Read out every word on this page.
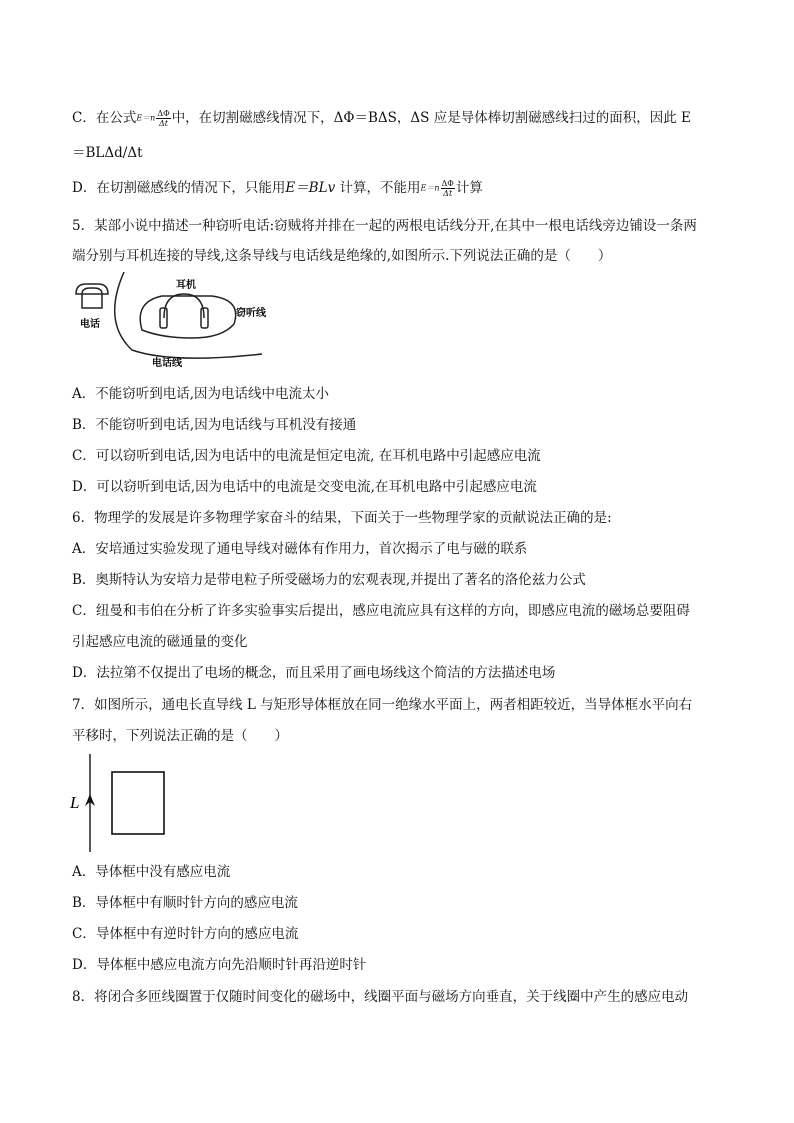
C．在公式$E=n \frac{\Delta\Phi}{\Delta t}$ 中，在切割磁感线情况下，ΔΦ＝BΔS，ΔS 应是导体棒切割磁感线扫过的面积，因此 E
＝BLΔd/Δt
D．在切割磁感线的情况下，只能用E＝BLv 计算，不能用$E=n \frac{\Delta\Phi}{\Delta t}$ 计算
5．某部小说中描述一种窃听电话:窃贼将并排在一起的两根电话线分开,在其中一根电话线旁边铺设一条两
端分别与耳机连接的导线,这条导线与电话线是绝缘的,如图所示.下列说法正确的是（　　）
电话
耳机
窃听线
电话线
A．不能窃听到电话,因为电话线中电流太小
B．不能窃听到电话,因为电话线与耳机没有接通
C．可以窃听到电话,因为电话中的电流是恒定电流, 在耳机电路中引起感应电流
D．可以窃听到电话,因为电话中的电流是交变电流,在耳机电路中引起感应电流
6．物理学的发展是许多物理学家奋斗的结果，下面关于一些物理学家的贡献说法正确的是:
A．安培通过实验发现了通电导线对磁体有作用力，首次揭示了电与磁的联系
B．奥斯特认为安培力是带电粒子所受磁场力的宏观表现,并提出了著名的洛伦兹力公式
C．纽曼和韦伯在分析了许多实验事实后提出，感应电流应具有这样的方向，即感应电流的磁场总要阻碍
引起感应电流的磁通量的变化
D．法拉第不仅提出了电场的概念，而且采用了画电场线这个简洁的方法描述电场
7．如图所示，通电长直导线 L 与矩形导体框放在同一绝缘水平面上，两者相距较近，当导体框水平向右
平移时，下列说法正确的是（　　）
L
A．导体框中没有感应电流
B．导体框中有顺时针方向的感应电流
C．导体框中有逆时针方向的感应电流
D．导体框中感应电流方向先沿顺时针再沿逆时针
8．将闭合多匝线圈置于仅随时间变化的磁场中，线圈平面与磁场方向垂直，关于线圈中产生的感应电动
